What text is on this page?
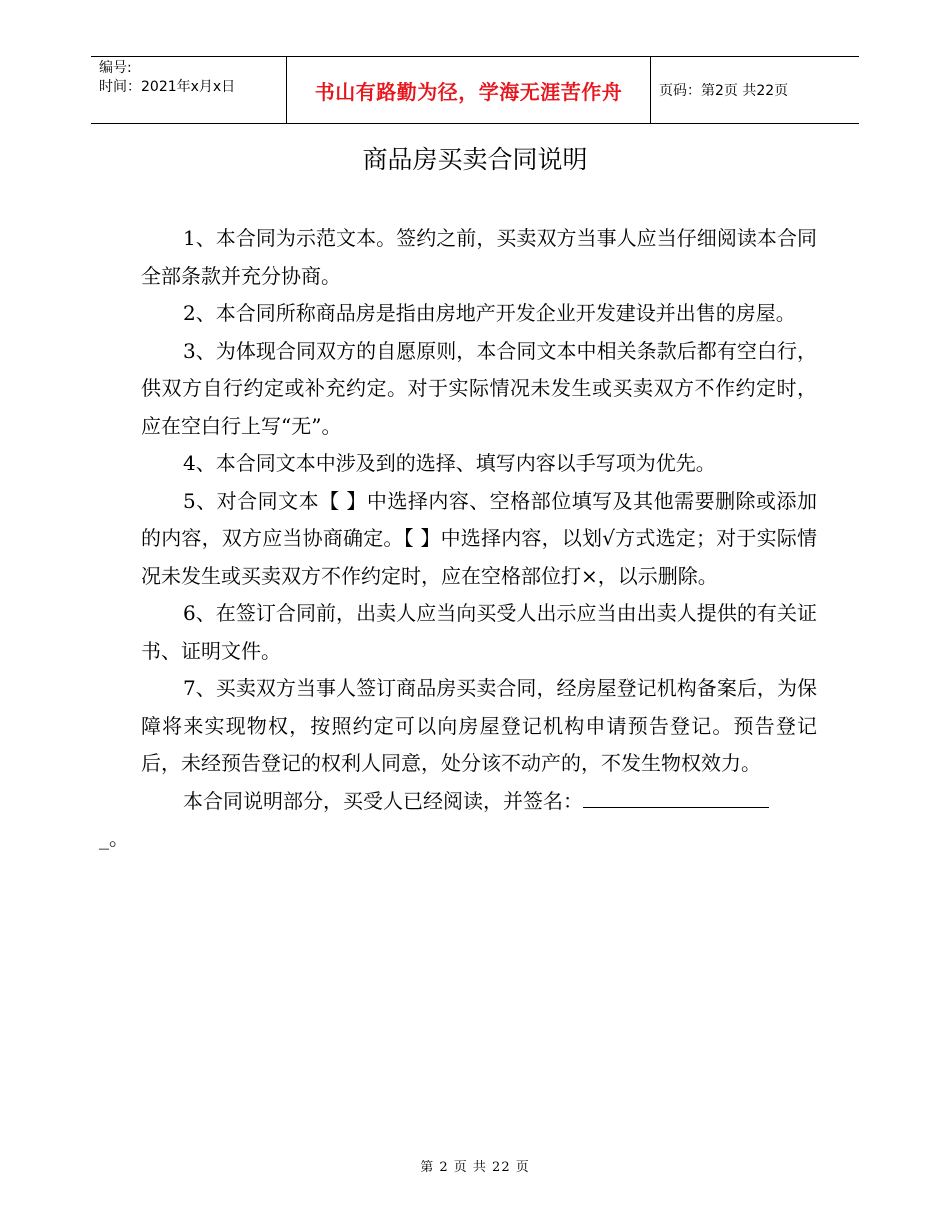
编号:
时间：2021年x月x日	书山有路勤为径，学海无涯苦作舟	页码：第2页 共22页
商品房买卖合同说明

1、本合同为示范文本。签约之前，买卖双方当事人应当仔细阅读本合同全部条款并充分协商。

2、本合同所称商品房是指由房地产开发企业开发建设并出售的房屋。

3、为体现合同双方的自愿原则，本合同文本中相关条款后都有空白行，供双方自行约定或补充约定。对于实际情况未发生或买卖双方不作约定时，应在空白行上写“无”。

4、本合同文本中涉及到的选择、填写内容以手写项为优先。

5、对合同文本【 】中选择内容、空格部位填写及其他需要删除或添加的内容，双方应当协商确定。【 】中选择内容，以划√方式选定；对于实际情况未发生或买卖双方不作约定时，应在空格部位打×，以示删除。

6、在签订合同前，出卖人应当向买受人出示应当由出卖人提供的有关证书、证明文件。

7、买卖双方当事人签订商品房买卖合同，经房屋登记机构备案后，为保障将来实现物权，按照约定可以向房屋登记机构申请预告登记。预告登记后，未经预告登记的权利人同意，处分该不动产的，不发生物权效力。

本合同说明部分，买受人已经阅读，并签名：
_。

第 2 页 共 22 页
